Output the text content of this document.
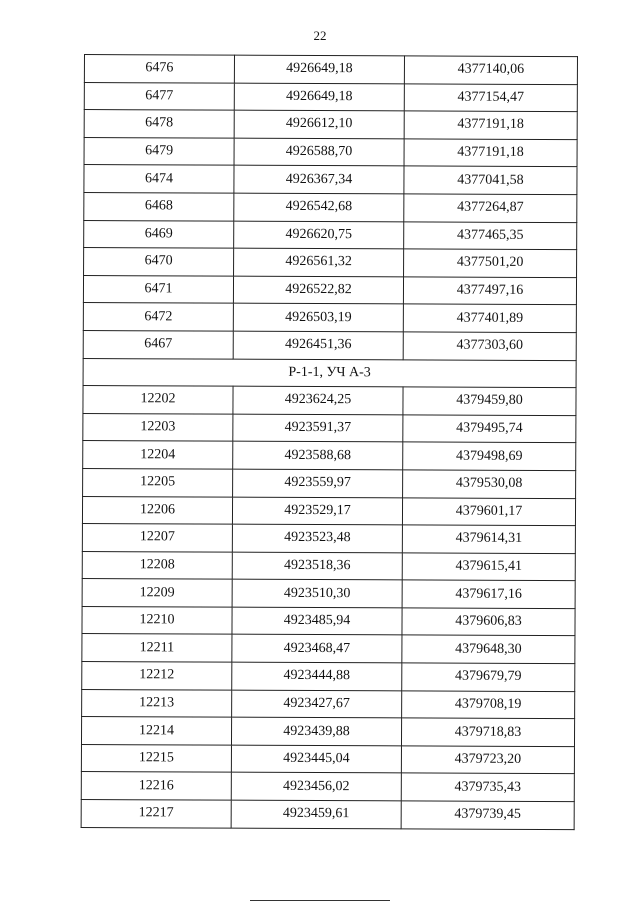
22
6476	4926649,18	4377140,06
6477	4926649,18	4377154,47
6478	4926612,10	4377191,18
6479	4926588,70	4377191,18
6474	4926367,34	4377041,58
6468	4926542,68	4377264,87
6469	4926620,75	4377465,35
6470	4926561,32	4377501,20
6471	4926522,82	4377497,16
6472	4926503,19	4377401,89
6467	4926451,36	4377303,60
Р-1-1, УЧ А-3		
12202	4923624,25	4379459,80
12203	4923591,37	4379495,74
12204	4923588,68	4379498,69
12205	4923559,97	4379530,08
12206	4923529,17	4379601,17
12207	4923523,48	4379614,31
12208	4923518,36	4379615,41
12209	4923510,30	4379617,16
12210	4923485,94	4379606,83
12211	4923468,47	4379648,30
12212	4923444,88	4379679,79
12213	4923427,67	4379708,19
12214	4923439,88	4379718,83
12215	4923445,04	4379723,20
12216	4923456,02	4379735,43
12217	4923459,61	4379739,45
